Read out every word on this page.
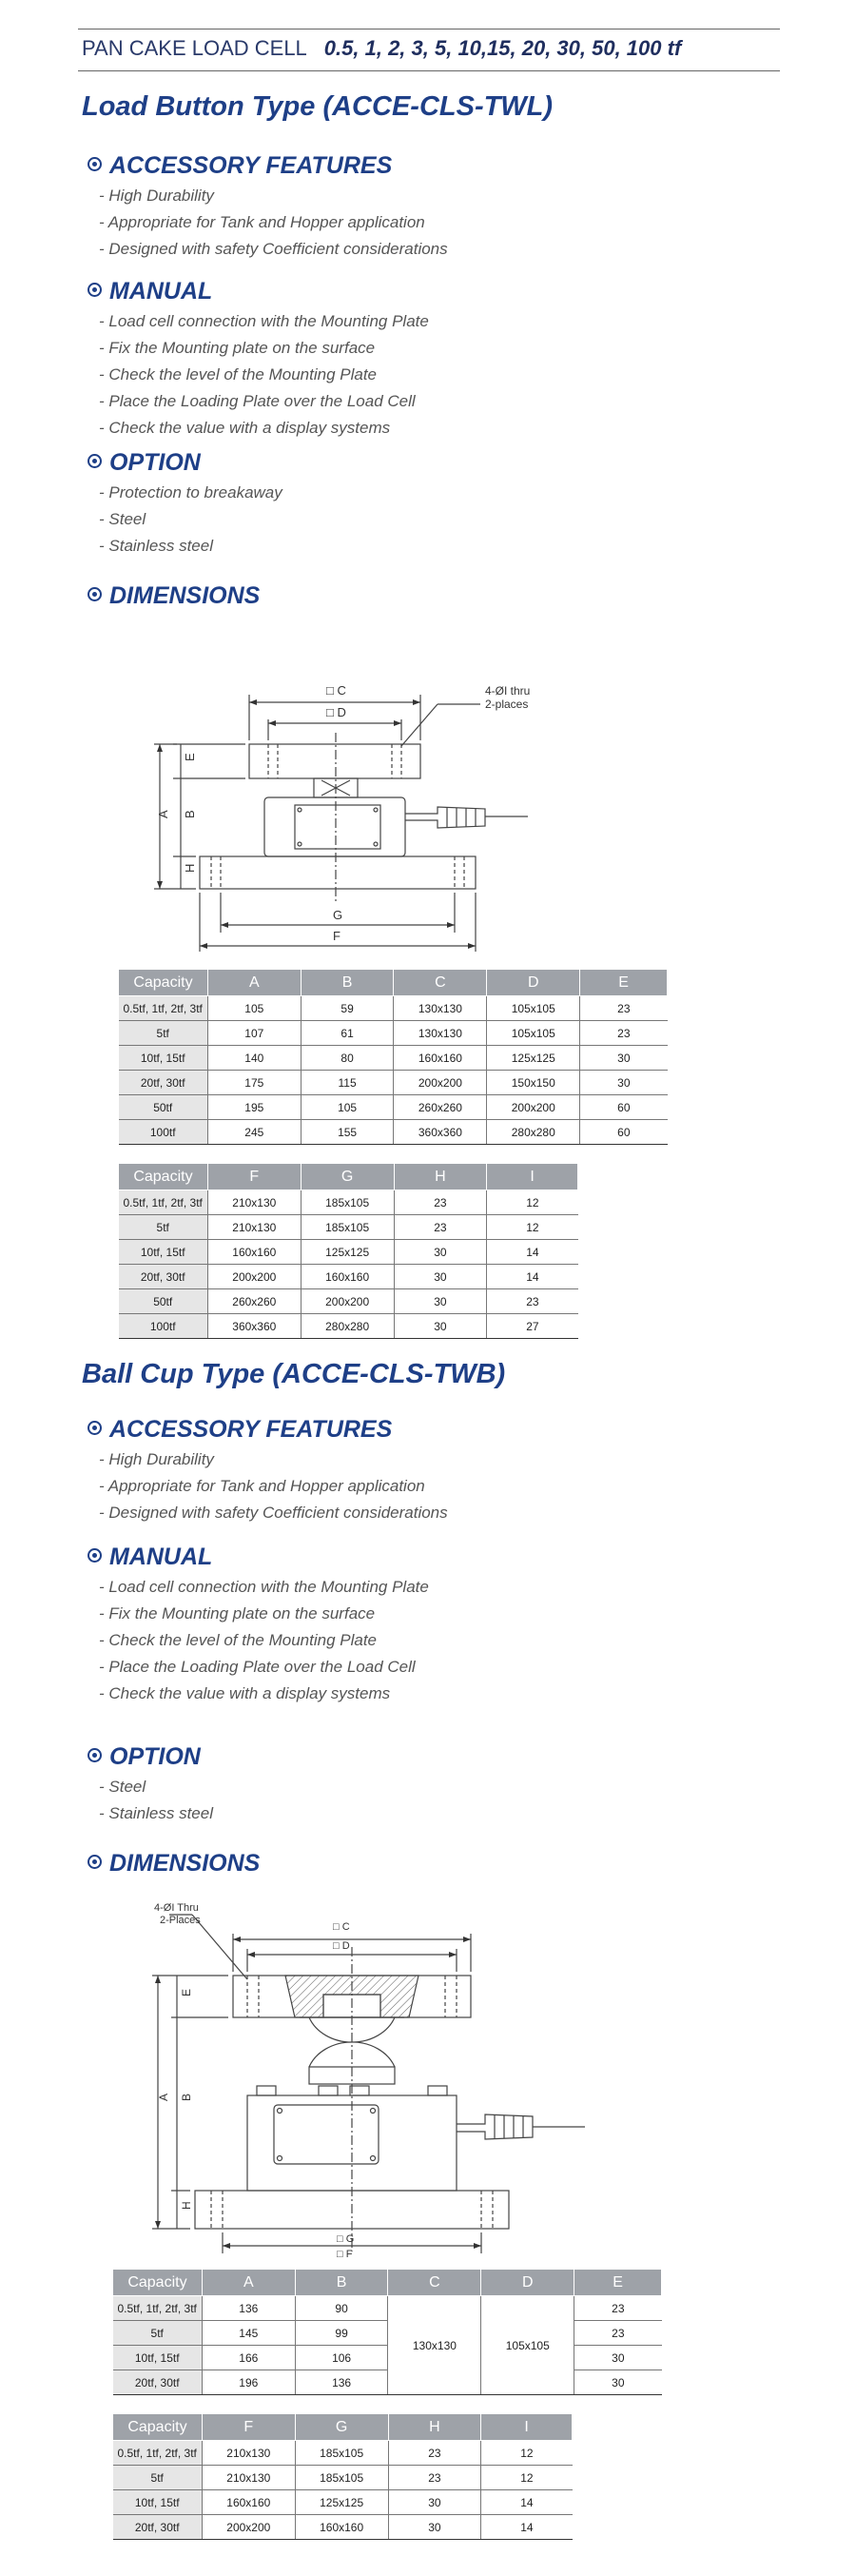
PAN CAKE LOAD CELL 0.5, 1, 2, 3, 5, 10,15, 20, 30, 50, 100 tf
Load Button Type (ACCE-CLS-TWL)
ACCESSORY FEATURES
- High Durability
- Appropriate for Tank and Hopper application
- Designed with safety Coefficient considerations
MANUAL
- Load cell connection with the Mounting Plate
- Fix the Mounting plate on the surface
- Check the level of the Mounting Plate
- Place the Loading Plate over the Load Cell
- Check the value with a display systems
OPTION
- Protection to breakaway
- Steel
- Stainless steel
DIMENSIONS
□ C
□ D
4-ØI thru
2-places
E
A B
H
G
F
Capacity	A	B	C	D	E
0.5tf, 1tf, 2tf, 3tf	105	59	130x130	105x105	23
5tf	107	61	130x130	105x105	23
10tf, 15tf	140	80	160x160	125x125	30
20tf, 30tf	175	115	200x200	150x150	30
50tf	195	105	260x260	200x200	60
100tf	245	155	360x360	280x280	60
Capacity	F	G	H	I
0.5tf, 1tf, 2tf, 3tf	210x130	185x105	23	12
5tf	210x130	185x105	23	12
10tf, 15tf	160x160	125x125	30	14
20tf, 30tf	200x200	160x160	30	14
50tf	260x260	200x200	30	23
100tf	360x360	280x280	30	27
Ball Cup Type (ACCE-CLS-TWB)
ACCESSORY FEATURES
- High Durability
- Appropriate for Tank and Hopper application
- Designed with safety Coefficient considerations
MANUAL
- Load cell connection with the Mounting Plate
- Fix the Mounting plate on the surface
- Check the level of the Mounting Plate
- Place the Loading Plate over the Load Cell
- Check the value with a display systems
OPTION
- Steel
- Stainless steel
DIMENSIONS
□ C
□ D
4-ØI Thru
2-Places
E
A B
H
□ G
□ F
Capacity	A	B	C	D	E
0.5tf, 1tf, 2tf, 3tf	136	90	130x130	105x105	23
5tf	145	99			23
10tf, 15tf	166	106			30
20tf, 30tf	196	136			30
Capacity	F	G	H	I
0.5tf, 1tf, 2tf, 3tf	210x130	185x105	23	12
5tf	210x130	185x105	23	12
10tf, 15tf	160x160	125x125	30	14
20tf, 30tf	200x200	160x160	30	14
